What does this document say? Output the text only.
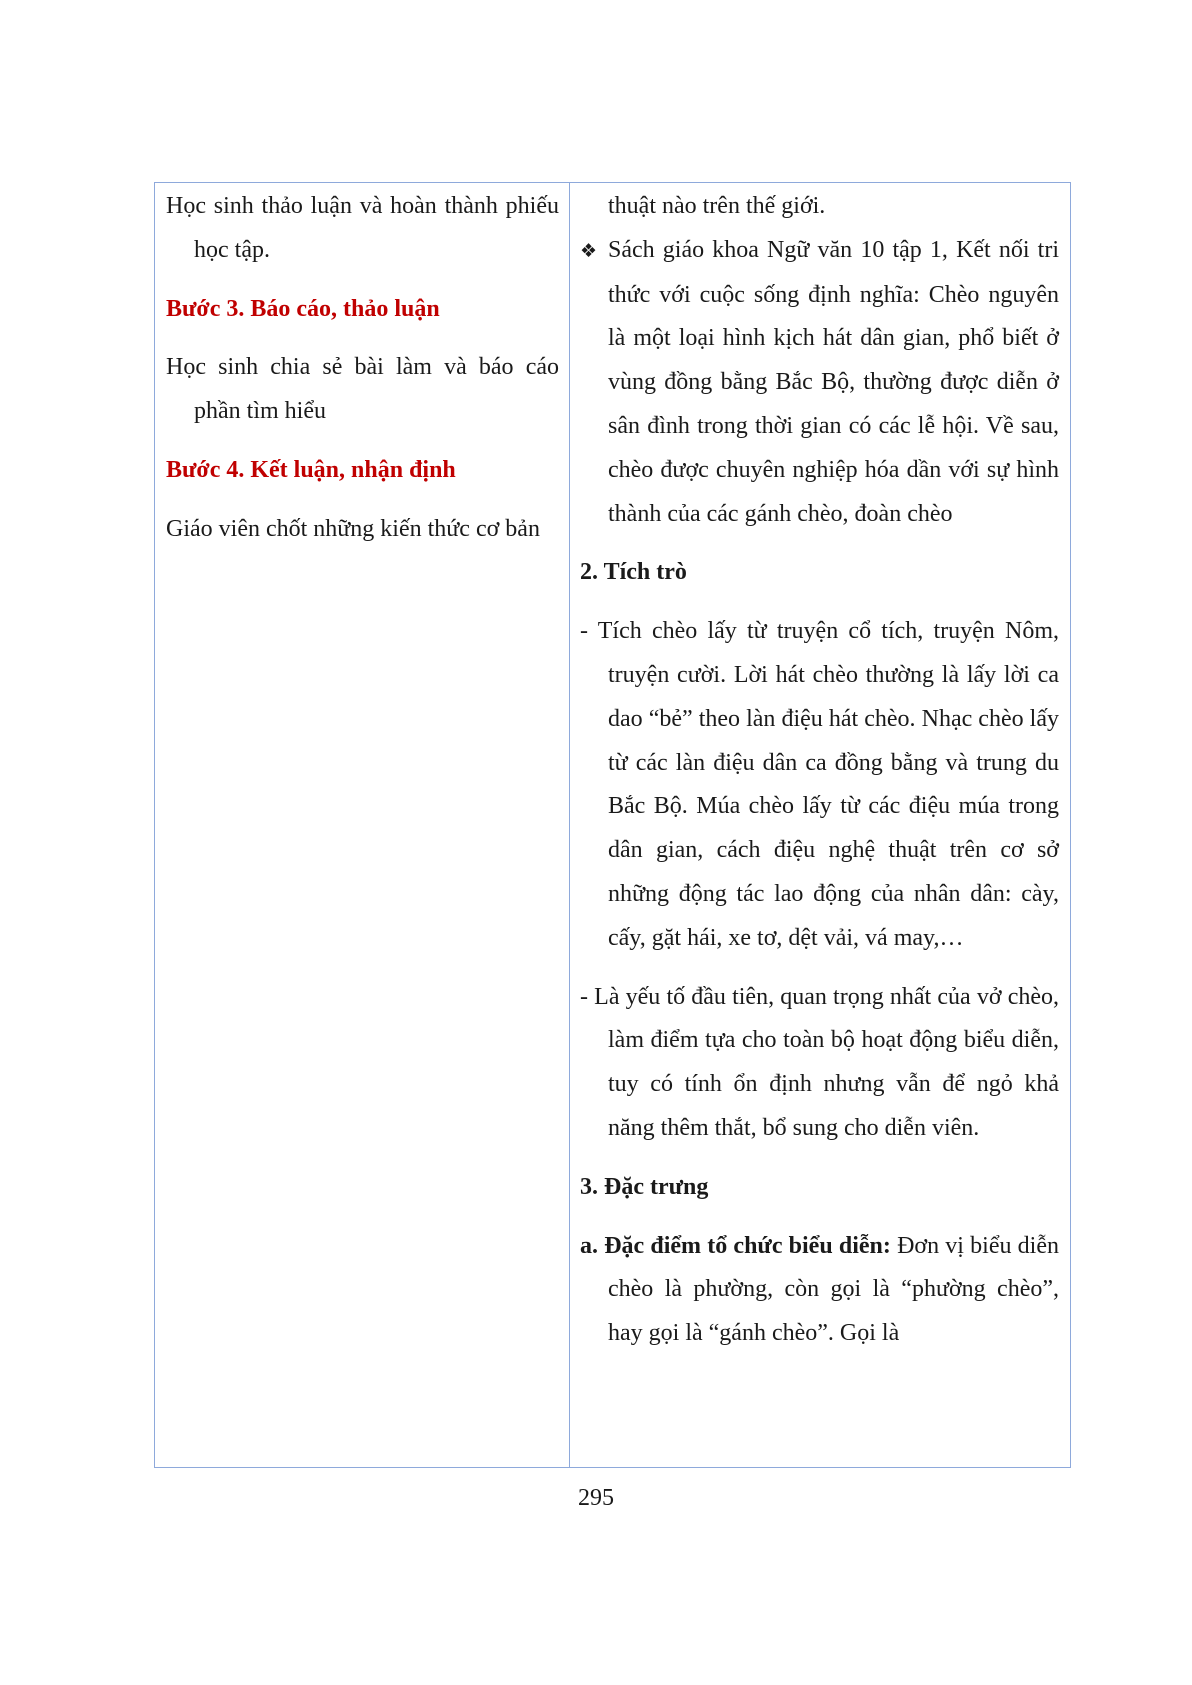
Học sinh thảo luận và hoàn thành phiếu học tập.

Bước 3. Báo cáo, thảo luận

Học sinh chia sẻ bài làm và báo cáo phần tìm hiểu

Bước 4. Kết luận, nhận định

Giáo viên chốt những kiến thức cơ bản

thuật nào trên thế giới.

❖ Sách giáo khoa Ngữ văn 10 tập 1, Kết nối tri thức với cuộc sống định nghĩa: Chèo nguyên là một loại hình kịch hát dân gian, phổ biết ở vùng đồng bằng Bắc Bộ, thường được diễn ở sân đình trong thời gian có các lễ hội. Về sau, chèo được chuyên nghiệp hóa dần với sự hình thành của các gánh chèo, đoàn chèo

2. Tích trò

- Tích chèo lấy từ truyện cổ tích, truyện Nôm, truyện cười. Lời hát chèo thường là lấy lời ca dao “bẻ” theo làn điệu hát chèo. Nhạc chèo lấy từ các làn điệu dân ca đồng bằng và trung du Bắc Bộ. Múa chèo lấy từ các điệu múa trong dân gian, cách điệu nghệ thuật trên cơ sở những động tác lao động của nhân dân: cày, cấy, gặt hái, xe tơ, dệt vải, vá may,…

- Là yếu tố đầu tiên, quan trọng nhất của vở chèo, làm điểm tựa cho toàn bộ hoạt động biểu diễn, tuy có tính ổn định nhưng vẫn để ngỏ khả năng thêm thắt, bổ sung cho diễn viên.

3. Đặc trưng

a. Đặc điểm tổ chức biểu diễn: Đơn vị biểu diễn chèo là phường, còn gọi là “phường chèo”, hay gọi là “gánh chèo”. Gọi là

295
